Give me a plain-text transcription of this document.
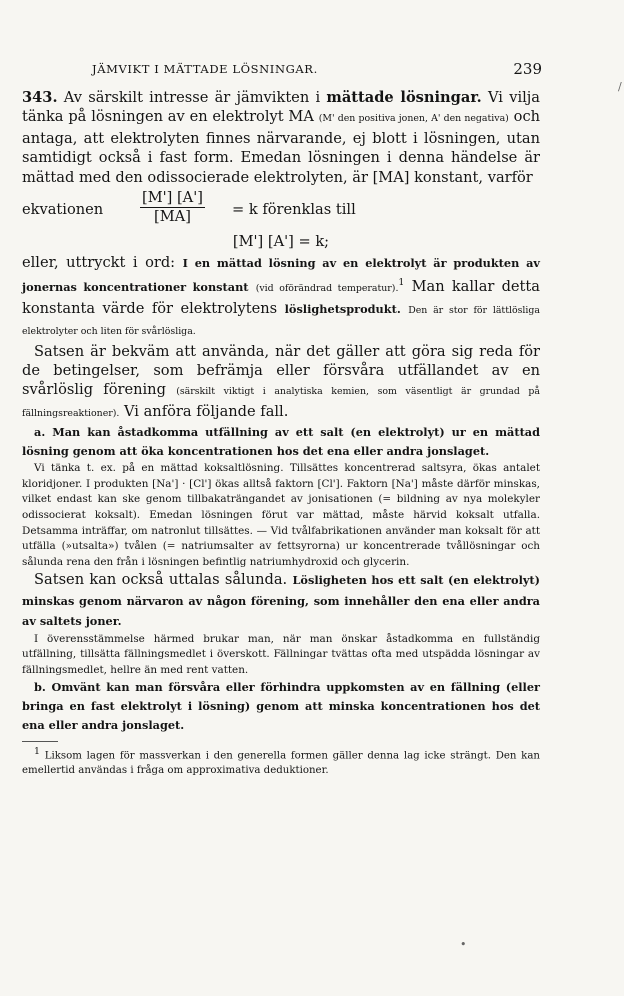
/
JÄMVIKT I MÄTTADE LÖSNINGAR.	239

343. Av särskilt intresse är jämvikten i mättade lösningar. Vi vilja tänka på lösningen av en elektrolyt MA (M' den positiva jonen, A' den negativa) och antaga, att elektrolyten finnes närvarande, ej blott i lösningen, utan samtidigt också i fast form. Emedan lösningen i denna händelse är mättad med den odissocierade elektrolyten, är [MA] konstant, varför

ekvationen	$\frac{[M'] [A']}{[MA]} = k$ förenklas till
[M'] [A'] = k;

eller, uttryckt i ord: I en mättad lösning av en elektrolyt är produkten av jonernas koncentrationer konstant (vid oförändrad temperatur).$^1$ Man kallar detta konstanta värde för elektrolytens löslighetsprodukt. Den är stor för lättlösliga elektrolyter och liten för svårlösliga.

Satsen är bekväm att använda, när det gäller att göra sig reda för de betingelser, som befrämja eller försvåra utfällandet av en svårlöslig förening (särskilt viktigt i analytiska kemien, som väsentligt är grundad på fällningsreaktioner). Vi anföra följande fall.

a. Man kan åstadkomma utfällning av ett salt (en elektrolyt) ur en mättad lösning genom att öka koncentrationen hos det ena eller andra jonslaget.

Vi tänka t. ex. på en mättad koksaltlösning. Tillsättes koncentrerad saltsyra, ökas antalet kloridjoner. I produkten [Na'] · [Cl'] ökas alltså faktorn [Cl']. Faktorn [Na'] måste därför minskas, vilket endast kan ske genom tillbakaträngandet av jonisationen (= bildning av nya molekyler odissocierat koksalt). Emedan lösningen förut var mättad, måste härvid koksalt utfalla. Detsamma inträffar, om natronlut tillsättes. — Vid tvålfabrikationen använder man koksalt för att utfälla (»utsalta») tvålen (= natriumsalter av fettsyrorna) ur koncentrerade tvållösningar och sålunda rena den från i lösningen befintlig natriumhydroxid och glycerin.

Satsen kan också uttalas sålunda. Lösligheten hos ett salt (en elektrolyt) minskas genom närvaron av någon förening, som innehåller den ena eller andra av saltets joner.

I överensstämmelse härmed brukar man, när man önskar åstadkomma en fullständig utfällning, tillsätta fällningsmedlet i överskott. Fällningar tvättas ofta med utspädda lösningar av fällningsmedlet, hellre än med rent vatten.

b. Omvänt kan man försvåra eller förhindra uppkomsten av en fällning (eller bringa en fast elektrolyt i lösning) genom att minska koncentrationen hos det ena eller andra jonslaget.

$^1$ Liksom lagen för massverkan i den generella formen gäller denna lag icke strängt. Den kan emellertid användas i fråga om approximativa deduktioner.

•
